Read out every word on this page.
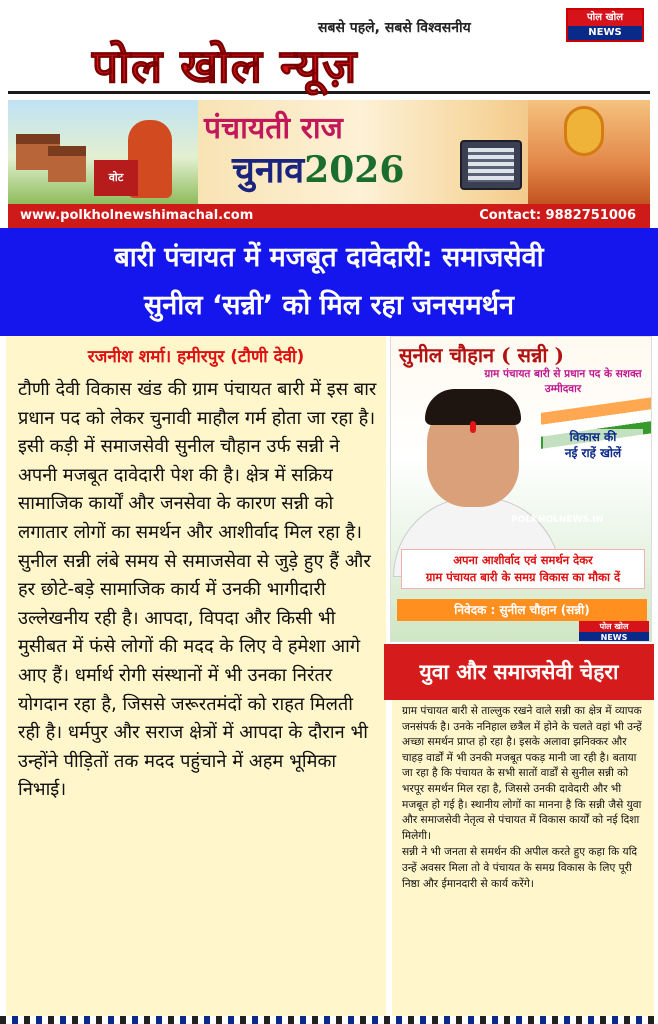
सबसे पहले, सबसे विश्वसनीय
पोल खोल न्यूज़
पोल खोल
NEWS
वोट
पंचायती राज
चुनाव2026
www.polkholnewshimachal.com	Contact: 9882751006
बारी पंचायत में मजबूत दावेदारी: समाजसेवी
सुनील ‘सन्नी’ को मिल रहा जनसमर्थन
रजनीश शर्मा। हमीरपुर (टौणी देवी)

टौणी देवी विकास खंड की ग्राम पंचायत बारी में इस बार प्रधान पद को लेकर चुनावी माहौल गर्म होता जा रहा है। इसी कड़ी में समाजसेवी सुनील चौहान उर्फ सन्नी ने अपनी मजबूत दावेदारी पेश की है। क्षेत्र में सक्रिय सामाजिक कार्यों और जनसेवा के कारण सन्नी को लगातार लोगों का समर्थन और आशीर्वाद मिल रहा है। सुनील सन्नी लंबे समय से समाजसेवा से जुड़े हुए हैं और हर छोटे-बड़े सामाजिक कार्य में उनकी भागीदारी उल्लेखनीय रही है। आपदा, विपदा और किसी भी मुसीबत में फंसे लोगों की मदद के लिए वे हमेशा आगे आए हैं। धर्मार्थ रोगी संस्थानों में भी उनका निरंतर योगदान रहा है, जिससे जरूरतमंदों को राहत मिलती रही है। धर्मपुर और सराज क्षेत्रों में आपदा के दौरान भी उन्होंने पीड़ितों तक मदद पहुंचाने में अहम भूमिका निभाई।

सुनील चौहान ( सन्नी )
ग्राम पंचायत बारी से प्रधान पद के सशक्त उम्मीदवार
विकास की
नई राहें खोलें
POLKHOLNEWS.IN
अपना आशीर्वाद एवं समर्थन देकर
ग्राम पंचायत बारी के समग्र विकास का मौका दें
निवेदक : सुनील चौहान (सन्नी)
पोल खोल
NEWS
युवा और समाजसेवी चेहरा

ग्राम पंचायत बारी से ताल्लुक रखने वाले सन्नी का क्षेत्र में व्यापक जनसंपर्क है। उनके ननिहाल छत्रैल में होने के चलते वहां भी उन्हें अच्छा समर्थन प्राप्त हो रहा है। इसके अलावा झनिक्कर और चाहड़ वार्डों में भी उनकी मजबूत पकड़ मानी जा रही है। बताया जा रहा है कि पंचायत के सभी सातों वार्डों से सुनील सन्नी को भरपूर समर्थन मिल रहा है, जिससे उनकी दावेदारी और भी मजबूत हो गई है। स्थानीय लोगों का मानना है कि सन्नी जैसे युवा और समाजसेवी नेतृत्व से पंचायत में विकास कार्यों को नई दिशा मिलेगी।

सन्नी ने भी जनता से समर्थन की अपील करते हुए कहा कि यदि उन्हें अवसर मिला तो वे पंचायत के समग्र विकास के लिए पूरी निष्ठा और ईमानदारी से कार्य करेंगे।
